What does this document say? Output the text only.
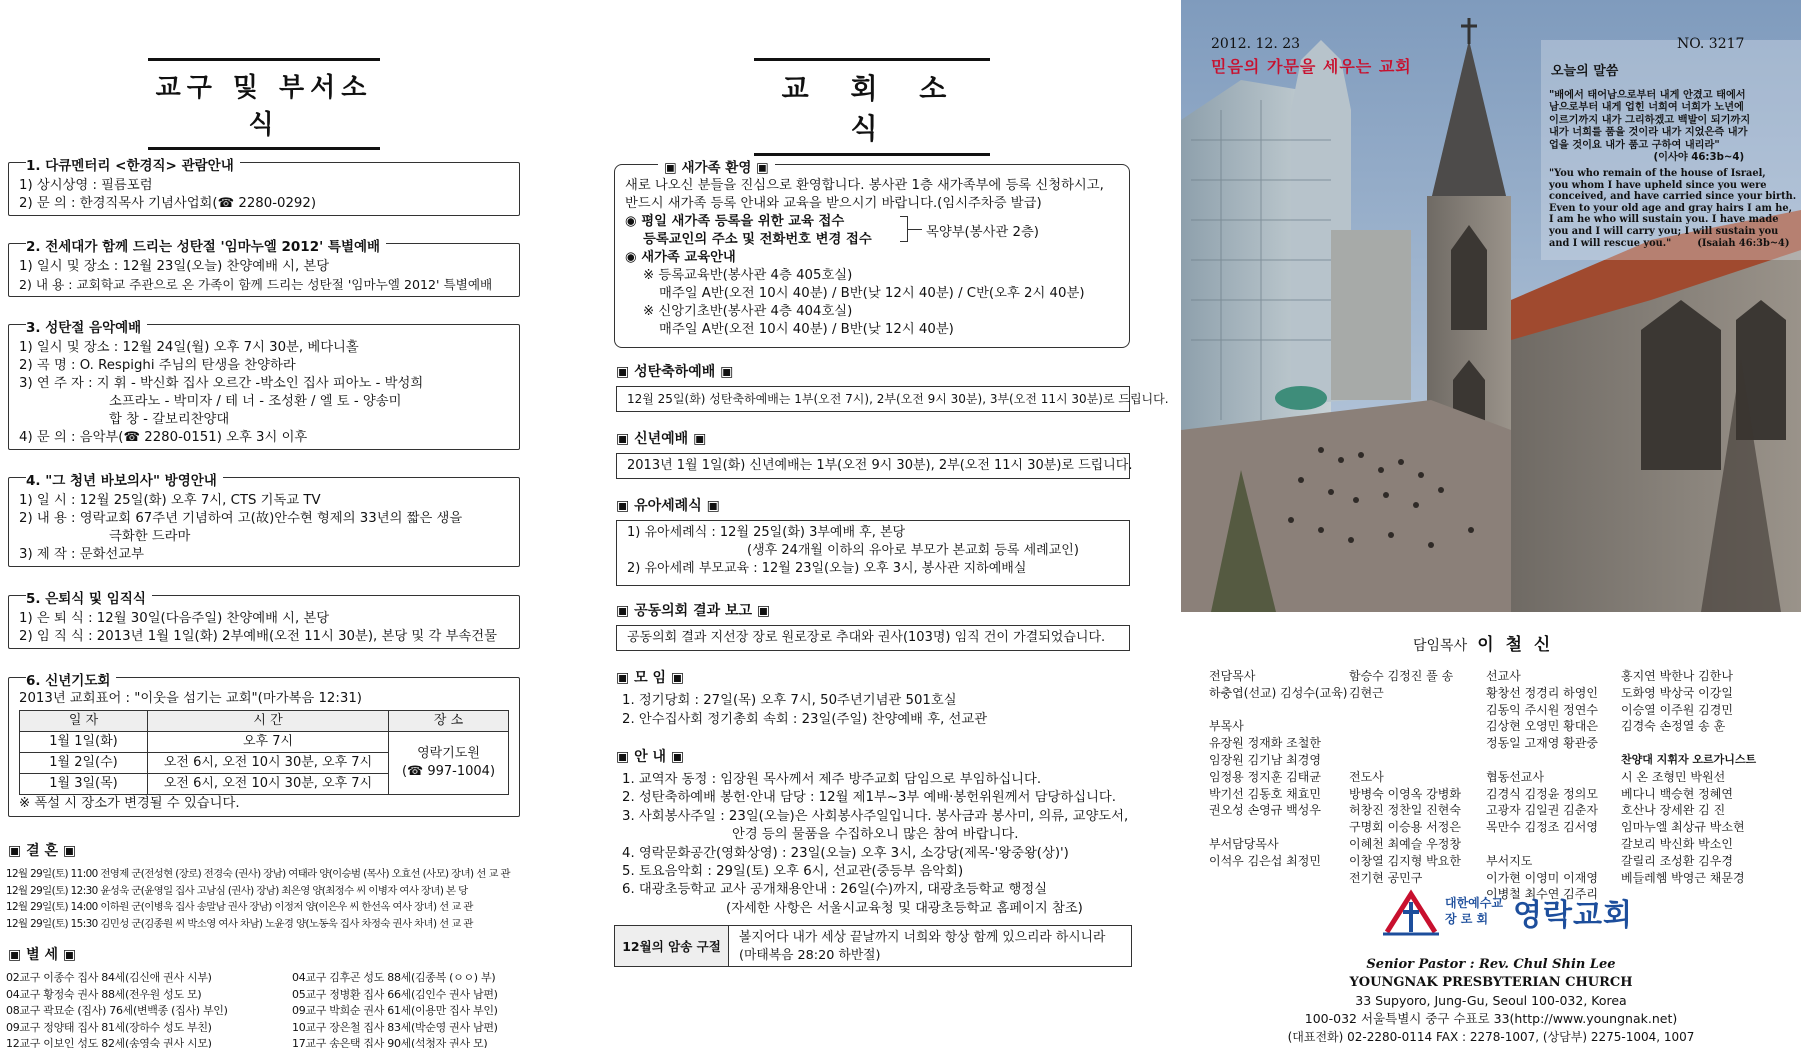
교구 및 부서소식
1) 상시상영 : 필름포럼
2) 문 의 : 한경직목사 기념사업회(☎ 2280-0292)
1. 다큐멘터리 <한경직> 관람안내
1) 일시 및 장소 : 12월 23일(오늘) 찬양예배 시, 본당
2) 내 용 : 교회학교 주관으로 온 가족이 함께 드리는 성탄절 '임마누엘 2012' 특별예배
2. 전세대가 함께 드리는 성탄절 '임마누엘 2012' 특별예배
1) 일시 및 장소 : 12월 24일(월) 오후 7시 30분, 베다니홀
2) 곡 명 : O. Respighi 주님의 탄생을 찬양하라
3) 연 주 자 : 지 휘 - 박신화 집사 오르간 -박소인 집사 피아노 - 박성희
소프라노 - 박미자 / 테 너 - 조성환 / 엘 토 - 양송미
합 창 - 갈보리찬양대
4) 문 의 : 음악부(☎ 2280-0151) 오후 3시 이후
3. 성탄절 음악예배
1) 일 시 : 12월 25일(화) 오후 7시, CTS 기독교 TV
2) 내 용 : 영락교회 67주년 기념하여 고(故)안수현 형제의 33년의 짧은 생을
극화한 드라마
3) 제 작 : 문화선교부
4. "그 청년 바보의사" 방영안내
1) 은 퇴 식 : 12월 30일(다음주일) 찬양예배 시, 본당
2) 임 직 식 : 2013년 1월 1일(화) 2부예배(오전 11시 30분), 본당 및 각 부속건물
5. 은퇴식 및 임직식
2013년 교회표어 : "이웃을 섬기는 교회"(마가복음 12:31)
일 자	시 간	장 소
1월 1일(화)	오후 7시	영락기도원
(☎ 997-1004)

1월 2일(수)	오전 6시, 오전 10시 30분, 오후 7시	
1월 3일(목)	오전 6시, 오전 10시 30분, 오후 7시	
※ 폭설 시 장소가 변경될 수 있습니다.
6. 신년기도회
▣ 결 혼 ▣
12월 29일(토) 11:00 전영제 군(전성현 (장로) 전경숙 (권사) 장남) 여태라 양(이승범 (목사) 오효선 (사모) 장녀) 선 교 관
12월 29일(토) 12:30 윤성욱 군(윤영일 집사 고남심 (권사) 장남) 최은영 양(최정수 씨 이병자 여사 장녀) 본 당
12월 29일(토) 14:00 이하원 군(이병욱 집사 송말남 권사 장남) 이정저 양(이은우 씨 한선옥 여사 장녀) 선 교 관
12월 29일(토) 15:30 김민성 군(김종원 씨 박소영 여사 차남) 노윤경 양(노동욱 집사 차정숙 권사 차녀) 선 교 관
▣ 별 세 ▣
02교구 이종수 집사 84세(김신애 권사 시부)
04교구 황정숙 권사 88세(전우원 성도 모)
08교구 곽묘순 (집사) 76세(변백종 (집사) 부인)
09교구 정양태 집사 81세(장하수 성도 부친)
12교구 이보인 성도 82세(송영숙 권사 시모)
04교구 김후곤 성도 88세(김종복 (ㅇㅇ) 부)
05교구 정병환 집사 66세(김인수 권사 남편)
09교구 박희순 권사 61세(이용만 집사 부인)
10교구 장은철 집사 83세(박순영 권사 남편)
17교구 송은택 집사 90세(석청자 권사 모)
교 회 소 식
새로 나오신 분들을 진심으로 환영합니다. 봉사관 1층 새가족부에 등록 신청하시고,
반드시 새가족 등록 안내와 교육을 받으시기 바랍니다.(임시주차증 발급)
◉ 평일 새가족 등록을 위한 교육 접수
등록교인의 주소 및 전화번호 변경 접수
◉ 새가족 교육안내
※ 등록교육반(봉사관 4층 405호실)
매주일 A반(오전 10시 40분) / B반(낮 12시 40분) / C반(오후 2시 40분)
※ 신앙기초반(봉사관 4층 404호실)
매주일 A반(오전 10시 40분) / B반(낮 12시 40분)
▣ 새가족 환영 ▣
목양부(봉사관 2층)
▣ 성탄축하예배 ▣
12월 25일(화) 성탄축하예배는 1부(오전 7시), 2부(오전 9시 30분), 3부(오전 11시 30분)로 드립니다.
▣ 신년예배 ▣
2013년 1월 1일(화) 신년예배는 1부(오전 9시 30분), 2부(오전 11시 30분)로 드립니다.
▣ 유아세례식 ▣
1) 유아세례식 : 12월 25일(화) 3부예배 후, 본당
(생후 24개월 이하의 유아로 부모가 본교회 등록 세례교인)
2) 유아세례 부모교육 : 12월 23일(오늘) 오후 3시, 봉사관 지하예배실
▣ 공동의회 결과 보고 ▣
공동의회 결과 지선장 장로 원로장로 추대와 권사(103명) 임직 건이 가결되었습니다.
▣ 모 임 ▣
1. 정기당회 : 27일(목) 오후 7시, 50주년기념관 501호실
2. 안수집사회 정기총회 속회 : 23일(주일) 찬양예배 후, 선교관
▣ 안 내 ▣
1. 교역자 동정 : 임장원 목사께서 제주 방주교회 담임으로 부임하십니다.
2. 성탄축하예배 봉헌·안내 담당 : 12월 제1부~3부 예배·봉헌위원께서 담당하십니다.
3. 사회봉사주일 : 23일(오늘)은 사회봉사주일입니다. 봉사금과 봉사미, 의류, 교양도서,
안경 등의 물품을 수집하오니 많은 참여 바랍니다.
4. 영락문화공간(영화상영) : 23일(오늘) 오후 3시, 소강당(제목-'왕중왕(상)')
5. 토요음악회 : 29일(토) 오후 6시, 선교관(중등부 음악회)
6. 대광초등학교 교사 공개채용안내 : 26일(수)까지, 대광초등학교 행정실
(자세한 사항은 서울시교육청 및 대광초등학교 홈페이지 참조)
12월의 암송 구절
볼지어다 내가 세상 끝날까지 너희와 항상 함께 있으리라 하시니라
(마태복음 28:20 하반절)
2012. 12. 23	NO. 3217
믿음의 가문을 세우는 교회	오늘의 말씀
"배에서 태어남으로부터 내게 안겼고 태에서
남으로부터 내게 업힌 너희여 너희가 노년에
이르기까지 내가 그리하겠고 백발이 되기까지
내가 너희를 품을 것이라 내가 지었은즉 내가
업을 것이요 내가 품고 구하여 내리라"
(이사야 46:3b~4)
"You who remain of the house of Israel,
you whom I have upheld since you were
conceived, and have carried since your birth.
Even to your old age and gray hairs I am he,
I am he who will sustain you. I have made
you and I will carry you; I will sustain you
and I will rescue you."	(Isaiah 46:3b~4)
담임목사 이 철 신
전담목사
하충엽(선교) 김성수(교육)

부목사
유장원 정재화 조철한
임장원 김기남 최경영
임정용 정지훈 김태균
박기선 김동호 채효민
권오성 손영규 백성우

부서담당목사
이석우 김은섭 최정민
함승수 김정진 풀 송
김현근

전도사
방병숙 이영옥 강병화
허창진 정찬일 진현숙
구명회 이승용 서정은
이혜천 최예슬 우정창
이창열 김지형 박요한
전기현 공민구
선교사
황창선 정경리 하영인
김동익 주시원 정연수
김상현 오영민 황대은
정동일 고재영 황관중

협동선교사
김경식 김정윤 정의모
고광자 김일권 김춘자
목만수 김정조 김서영

부서지도
이가현 이영미 이재영
이병철 최수연 김주리
홍지연 박한나 김한나
도화영 박상국 이강일
이승열 이주원 김경민
김경숙 손정열 송 훈

찬양대 지휘자 오르가니스트
시 온 조형민 박원선
베다니 백승현 정혜연
호산나 장세완 김 진
임마누엘 최상규 박소현
갈보리 박신화 박소인
갈릴리 조성환 김우경
베들레헴 박영근 채문경
대한예수교
장 로 회 영락교회
Senior Pastor : Rev. Chul Shin Lee
YOUNGNAK PRESBYTERIAN CHURCH
33 Supyoro, Jung-Gu, Seoul 100-032, Korea
100-032 서울특별시 중구 수표로 33(http://www.youngnak.net)
(대표전화) 02-2280-0114 FAX : 2278-1007, (상담부) 2275-1004, 1007
